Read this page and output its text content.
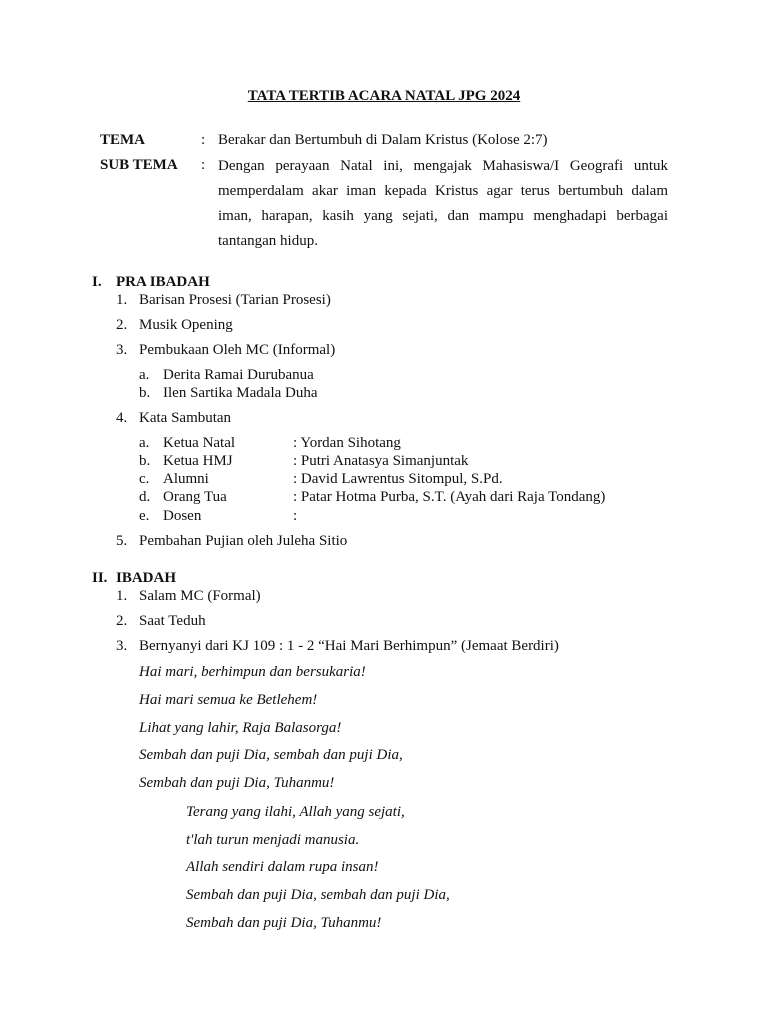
TATA TERTIB ACARA NATAL JPG 2024
TEMA	: Berakar dan Bertumbuh di Dalam Kristus (Kolose 2:7)
SUB TEMA : Dengan perayaan Natal ini, mengajak Mahasiswa/I Geografi untuk memperdalam akar iman kepada Kristus agar terus bertumbuh dalam iman, harapan, kasih yang sejati, dan mampu menghadapi berbagai tantangan hidup.
I. PRA IBADAH
1. Barisan Prosesi (Tarian Prosesi)
2. Musik Opening
3. Pembukaan Oleh MC (Informal)
a. Derita Ramai Durubanua
b. Ilen Sartika Madala Duha
4. Kata Sambutan
a. Ketua Natal	: Yordan Sihotang
b. Ketua HMJ	: Putri Anatasya Simanjuntak
c. Alumni	: David Lawrentus Sitompul, S.Pd.
d. Orang Tua	: Patar Hotma Purba, S.T. (Ayah dari Raja Tondang)
e. Dosen	:
5. Pembahan Pujian oleh Juleha Sitio
II. IBADAH
1. Salam MC (Formal)
2. Saat Teduh
3. Bernyanyi dari KJ 109 : 1 - 2 “Hai Mari Berhimpun” (Jemaat Berdiri)
Hai mari, berhimpun dan bersukaria!
Hai mari semua ke Betlehem!
Lihat yang lahir, Raja Balasorga!
Sembah dan puji Dia, sembah dan puji Dia,
Sembah dan puji Dia, Tuhanmu!
Terang yang ilahi, Allah yang sejati,
t'lah turun menjadi manusia.
Allah sendiri dalam rupa insan!
Sembah dan puji Dia, sembah dan puji Dia,
Sembah dan puji Dia, Tuhanmu!
